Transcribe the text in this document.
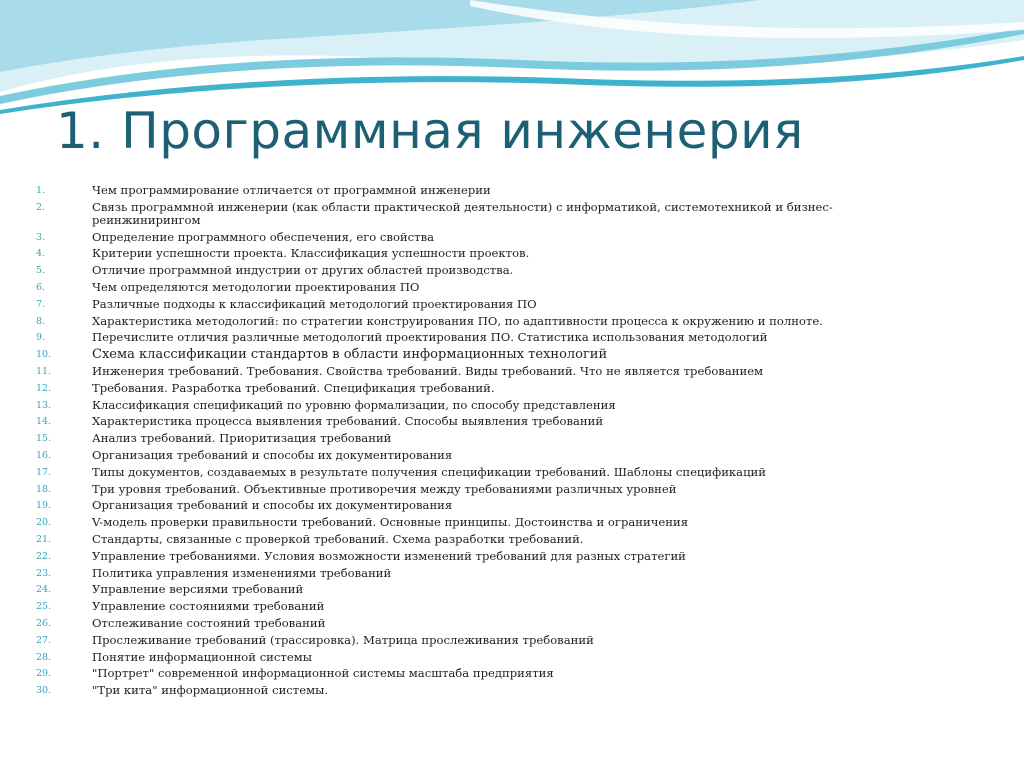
1. Программная инженерия
1.	Чем программирование отличается от программной инженерии
2.	Связь программной инженерии (как области практической деятельности) с информатикой, системотехникой и бизнес-реинжинирингом
3.	Определение программного обеспечения, его свойства
4.	Критерии успешности проекта. Классификация успешности проектов.
5.	Отличие программной индустрии от других областей производства.
6.	Чем определяются методологии проектирования ПО
7.	Различные подходы к классификаций методологий проектирования ПО
8.	Характеристика методологий: по стратегии конструирования ПО, по адаптивности процесса к окружению и полноте.
9.	Перечислите отличия различные методологий проектирования ПО. Статистика использования методологий
10.	Схема классификации стандартов в области информационных технологий
11.	Инженерия требований. Требования. Свойства требований. Виды требований. Что не является требованием
12.	Требования. Разработка требований. Спецификация требований.
13.	Классификация спецификаций по уровню формализации, по способу представления
14.	Характеристика процесса выявления требований. Способы выявления требований
15.	Анализ требований. Приоритизация требований
16.	Организация требований и способы их документирования
17.	Типы документов, создаваемых в результате получения спецификации требований. Шаблоны спецификаций
18.	Три уровня требований. Объективные противоречия между требованиями различных уровней
19.	Организация требований и способы их документирования
20.	V-модель проверки правильности требований. Основные принципы. Достоинства и ограничения
21.	Стандарты, связанные с проверкой требований. Схема разработки требований.
22.	Управление требованиями. Условия возможности изменений требований для разных стратегий
23.	Политика управления изменениями требований
24.	Управление версиями требований
25.	Управление состояниями требований
26.	Отслеживание состояний требований
27.	Прослеживание требований (трассировка). Матрица прослеживания требований
28.	Понятие информационной системы
29.	"Портрет" современной информационной системы масштаба предприятия
30.	"Три кита" информационной системы.
